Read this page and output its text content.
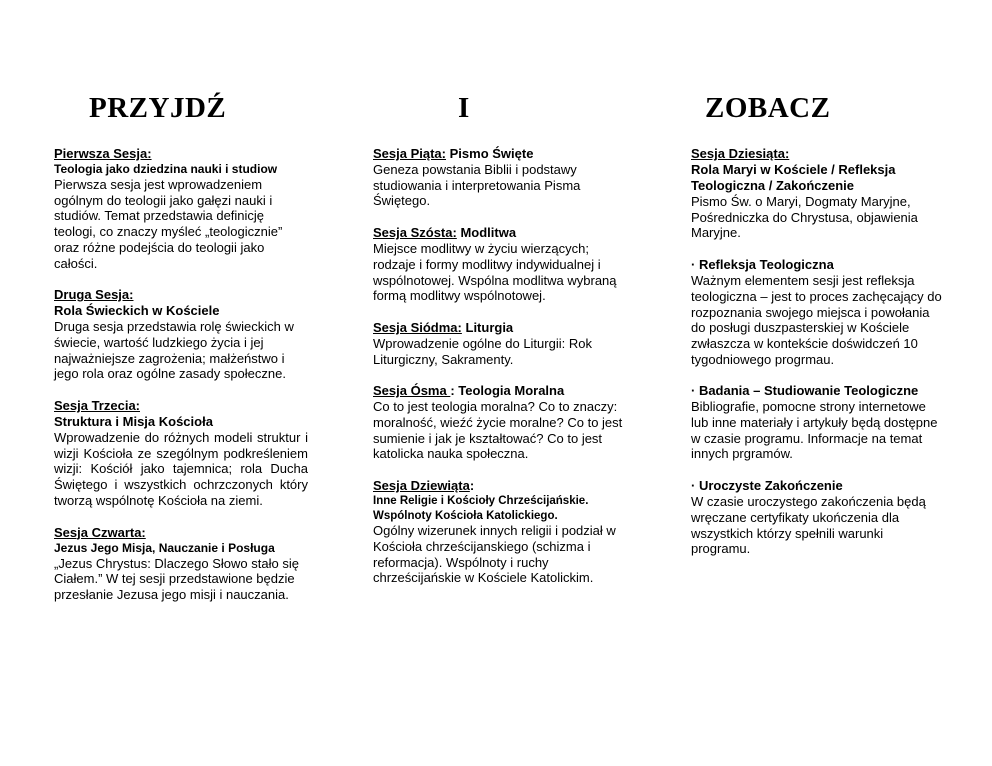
PRZYJDŹ	I	ZOBACZ
Pierwsza Sesja:
Teologia jako dziedzina nauki i studiow
Pierwsza sesja jest wprowadzeniem ogólnym do teologii jako gałęzi nauki i studiów. Temat przedstawia definicję teologi, co znaczy myśleć „teologicznie” oraz różne podejścia do teologii jako całości.
Druga Sesja:
Rola Świeckich w Kościele
Druga sesja przedstawia rolę świeckich w świecie, wartość ludzkiego życia i jej najważniejsze zagrożenia; małżeństwo i jego rola oraz ogólne zasady społeczne.
Sesja Trzecia:
Struktura i Misja Kościoła
Wprowadzenie do różnych modeli struktur i wizji Kościoła ze szególnym podkreśleniem wizji: Kościół jako tajemnica; rola Ducha Świętego i wszystkich ochrzczonych który tworzą wspólnotę Kościoła na ziemi.
Sesja Czwarta:
Jezus Jego Misja, Nauczanie i Posługa
„Jezus Chrystus: Dlaczego Słowo stało się Ciałem.” W tej sesji przedstawione będzie przesłanie Jezusa jego misji i nauczania.
Sesja Piąta: Pismo Święte
Geneza powstania Biblii i podstawy studiowania i interpretowania Pisma Świętego.
Sesja Szósta: Modlitwa
Miejsce modlitwy w życiu wierzących; rodzaje i formy modlitwy indywidualnej i wspólnotowej. Wspólna modlitwa wybraną formą modlitwy wspólnotowej.
Sesja Siódma: Liturgia
Wprowadzenie ogólne do Liturgii: Rok Liturgiczny, Sakramenty.
Sesja Ósma : Teologia Moralna
Co to jest teologia moralna? Co to znaczy: moralność, wieźć życie moralne? Co to jest sumienie i jak je kształtować? Co to jest katolicka nauka społeczna.
Sesja Dziewiąta:
Inne Religie i Kościoły Chrześcijańskie. Wspólnoty Kościoła Katolickiego.
Ogólny wizerunek innych religii i podział w Kościoła chrześcijanskiego (schizma i reformacja). Wspólnoty i ruchy chrześcijańskie w Kościele Katolickim.
Sesja Dziesiąta:
Rola Maryi w Kościele / Refleksja Teologiczna / Zakończenie
Pismo Św. o Maryi, Dogmaty Maryjne, Pośredniczka do Chrystusa, objawienia Maryjne.
· Refleksja Teologiczna
Ważnym elementem sesji jest refleksja teologiczna – jest to proces zachęcający do rozpoznania swojego miejsca i powołania do posługi duszpasterskiej w Kościele zwłaszcza w kontekście doświdczeń 10 tygodniowego progrmau.
· Badania – Studiowanie Teologiczne
Bibliografie, pomocne strony internetowe lub inne materiały i artykuły będą dostępne w czasie programu. Informacje na temat innych prgramów.
· Uroczyste Zakończenie
W czasie uroczystego zakończenia będą wręczane certyfikaty ukończenia dla wszystkich którzy spełnili warunki programu.
